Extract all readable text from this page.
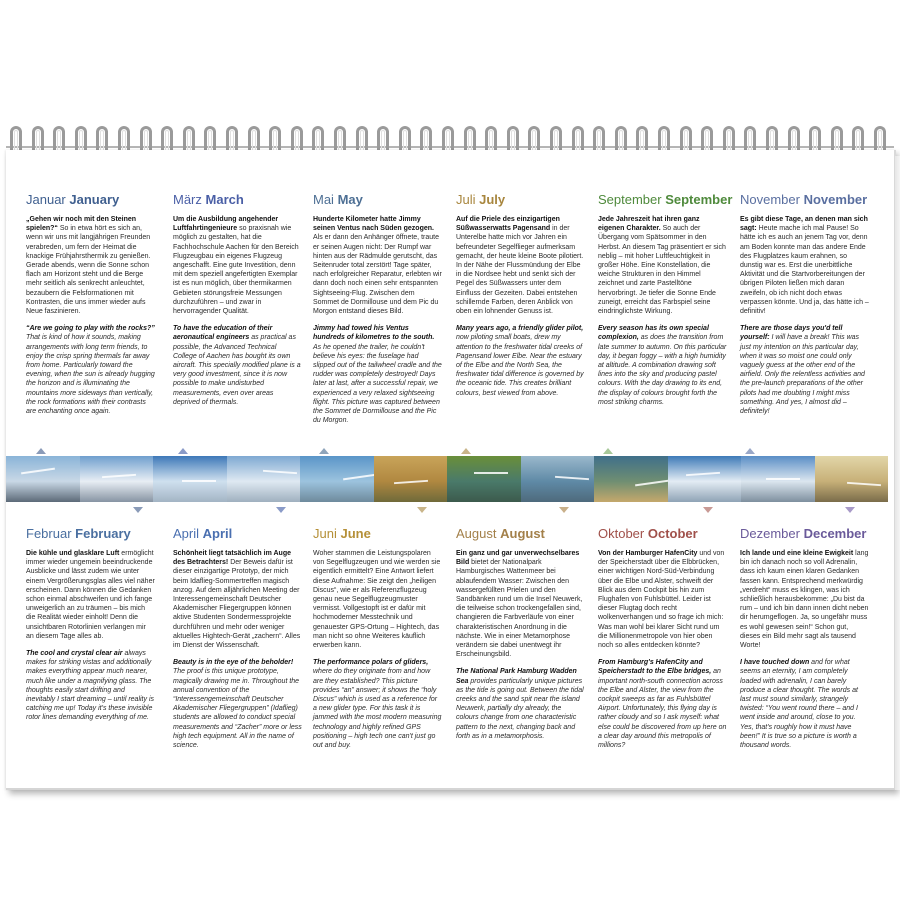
Januar January

„Gehen wir noch mit den Steinen spielen?“ So in etwa hört es sich an, wenn wir uns mit langjährigen Freunden verabreden, um fern der Heimat die knackige Frühjahrsthermik zu genießen. Gerade abends, wenn die Sonne schon flach am Horizont steht und die Berge mehr seitlich als senkrecht anleuchtet, bezaubern die Felsformationen mit Kontrasten, die uns immer wieder aufs Neue faszinieren.

“Are we going to play with the rocks?” That is kind of how it sounds, making arrangements with long term friends, to enjoy the crisp spring thermals far away from home. Particularly toward the evening, when the sun is already hugging the horizon and is illuminating the mountains more sideways than vertically, the rock formations with their contrasts are enchanting once again.

März March

Um die Ausbildung angehender Luftfahrtingenieure so praxisnah wie möglich zu gestalten, hat die Fachhochschule Aachen für den Bereich Flugzeugbau ein eigenes Flugzeug angeschafft. Eine gute Investition, denn mit dem speziell angefertigten Exemplar ist es nun möglich, über thermikarmen Gebieten störungsfreie Messungen durchzuführen – und zwar in hervorragender Qualität.

To have the education of their aeronautical engineers as practical as possible, the Advanced Technical College of Aachen has bought its own aircraft. This specially modified plane is a very good investment, since it is now possible to make undisturbed measurements, even over areas deprived of thermals.

Mai May

Hunderte Kilometer hatte Jimmy seinen Ventus nach Süden gezogen. Als er dann den Anhänger öffnete, traute er seinen Augen nicht: Der Rumpf war hinten aus der Rädmulde gerutscht, das Seitenruder total zerstört! Tage später, nach erfolgreicher Reparatur, erlebten wir dann doch noch einen sehr entspannten Sightseeing-Flug. Zwischen dem Sommet de Dormillouse und dem Pic du Morgon entstand dieses Bild.

Jimmy had towed his Ventus hundreds of kilometres to the south. As he opened the trailer, he couldn't believe his eyes: the fuselage had slipped out of the tailwheel cradle and the rudder was completely destroyed! Days later at last, after a successful repair, we experienced a very relaxed sightseeing flight. This picture was captured between the Sommet de Dormillouse and the Pic du Morgon.

Juli July

Auf die Priele des einzigartigen Süßwasserwatts Pagensand in der Unterelbe hatte mich vor Jahren ein befreundeter Segelflieger aufmerksam gemacht, der heute kleine Boote pilotiert. In der Nähe der Flussmündung der Elbe in die Nordsee hebt und senkt sich der Pegel des Süßwassers unter dem Einfluss der Gezeiten. Dabei entstehen schillernde Farben, deren Anblick von oben ein lohnender Genuss ist.

Many years ago, a friendly glider pilot, now piloting small boats, drew my attention to the freshwater tidal creeks of Pagensand lower Elbe. Near the estuary of the Elbe and the North Sea, the freshwater tidal difference is governed by the oceanic tide. This creates brilliant colours, best viewed from above.

September September

Jede Jahreszeit hat ihren ganz eigenen Charakter. So auch der Übergang vom Spätsommer in den Herbst. An diesem Tag präsentiert er sich neblig – mit hoher Luftfeuchtigkeit in großer Höhe. Eine Konstellation, die weiche Strukturen in den Himmel zeichnet und zarte Pastelltöne hervorbringt. Je tiefer die Sonne Ende zuneigt, erreicht das Farbspiel seine eindringlichste Wirkung.

Every season has its own special complexion, as does the transition from late summer to autumn. On this particular day, it began foggy – with a high humidity at altitude. A combination drawing soft lines into the sky and producing pastel colours. With the day drawing to its end, the display of colours brought forth the most striking charms.

November November

Es gibt diese Tage, an denen man sich sagt: Heute mache ich mal Pause! So hätte ich es auch an jenem Tag vor, denn am Boden konnte man das andere Ende des Flugplatzes kaum erahnen, so dunstig war es. Erst die unerbittliche Aktivität und die Startvorbereitungen der übrigen Piloten ließen mich daran zweifeln, ob ich nicht doch etwas verpassen könnte. Und ja, das hätte ich – definitiv!

There are those days you'd tell yourself: I will have a break! This was just my intention on this particular day, when it was so moist one could only vaguely guess at the other end of the airfield. Only the relentless activities and the pre-launch preparations of the other pilots had me doubting I might miss something. And yes, I almost did – definitely!

Februar February

Die kühle und glasklare Luft ermöglicht immer wieder ungemein beeindruckende Ausblicke und lässt zudem wie unter einem Vergrößerungsglas alles viel näher erscheinen. Dann können die Gedanken schon einmal abschweifen und ich fange unweigerlich an zu träumen – bis mich die Realität wieder einholt! Denn die unsichtbaren Rotorlinien verlangen mir an diesem Tage alles ab.

The cool and crystal clear air always makes for striking vistas and additionally makes everything appear much nearer, much like under a magnifying glass. The thoughts easily start drifting and inevitably I start dreaming – until reality is catching me up! Today it's these invisible rotor lines demanding everything of me.

April April

Schönheit liegt tatsächlich im Auge des Betrachters! Der Beweis dafür ist dieser einzigartige Prototyp, der mich beim Idaflieg-Sommertreffen magisch anzog. Auf dem alljährlichen Meeting der Interessengemeinschaft Deutscher Akademischer Fliegergruppen können aktive Studenten Sondermessprojekte durchführen und mehr oder weniger aktuelles Hightech-Gerät „zachern“. Alles im Dienst der Wissenschaft.

Beauty is in the eye of the beholder! The proof is this unique prototype, magically drawing me in. Throughout the annual convention of the “Interessengemeinschaft Deutscher Akademischer Fliegergruppen” (Idaflieg) students are allowed to conduct special measurements and “Zacher” more or less high tech equipment. All in the name of science.

Juni June

Woher stammen die Leistungspolaren von Segelflugzeugen und wie werden sie eigentlich ermittelt? Eine Antwort liefert diese Aufnahme: Sie zeigt den „heiligen Discus“, wie er als Referenzflugzeug genau neue Segelflugzeugmuster vermisst. Vollgestopft ist er dafür mit hochmoderner Messtechnik und genauester GPS-Ortung – Hightech, das man nicht so ohne Weiteres käuflich erwerben kann.

The performance polars of gliders, where do they originate from and how are they established? This picture provides “an” answer; it shows the “holy Discus” which is used as a reference for a new glider type. For this task it is jammed with the most modern measuring technology and highly refined GPS positioning – high tech one can't just go out and buy.

August August

Ein ganz und gar unverwechselbares Bild bietet der Nationalpark Hamburgisches Wattenmeer bei ablaufendem Wasser: Zwischen den wassergefüllten Prielen und den Sandbänken rund um die Insel Neuwerk, die teilweise schon trockengefallen sind, changieren die Farbverläufe von einer charakteristischen Anordnung in die nächste. Wie in einer Metamorphose verändern sie dabei unentwegt ihr Erscheinungsbild.

The National Park Hamburg Wadden Sea provides particularly unique pictures as the tide is going out. Between the tidal creeks and the sand spit near the island Neuwerk, partially dry already, the colours change from one characteristic pattern to the next, changing back and forth as in a metamorphosis.

Oktober October

Von der Hamburger HafenCity und von der Speicherstadt über die Elbbrücken, einer wichtigen Nord-Süd-Verbindung über die Elbe und Alster, schweift der Blick aus dem Cockpit bis hin zum Flughafen von Fuhlsbüttel. Leider ist dieser Flugtag doch recht wolkenverhangen und so frage ich mich: Was man wohl bei klarer Sicht rund um die Millionenmetropole von hier oben noch so alles entdecken könnte?

From Hamburg's HafenCity and Speicherstadt to the Elbe bridges, an important north-south connection across the Elbe and Alster, the view from the cockpit sweeps as far as Fuhlsbüttel Airport. Unfortunately, this flying day is rather cloudy and so I ask myself: what else could be discovered from up here on a clear day around this metropolis of millions?

Dezember December

Ich lande und eine kleine Ewigkeit lang bin ich danach noch so voll Adrenalin, dass ich kaum einen klaren Gedanken fassen kann. Entsprechend merkwürdig „verdreht“ muss es klingen, was ich schließlich herausbekomme: „Du bist da rum – und ich bin dann innen dicht neben dir herumgeflogen. Ja, so ungefähr muss es wohl gewesen sein!“ Schon gut, dieses ein Bild mehr sagt als tausend Worte!

I have touched down and for what seems an eternity, I am completely loaded with adrenalin, I can barely produce a clear thought. The words at last must sound similarly, strangely twisted: “You went round there – and I went inside and around, close to you. Yes, that's roughly how it must have been!” It is true so a picture is worth a thousand words.
